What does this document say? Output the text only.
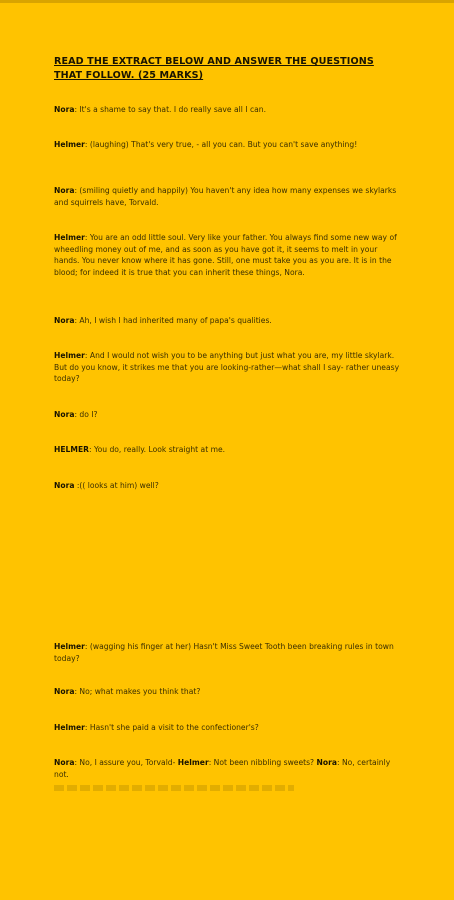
READ THE EXTRACT BELOW AND ANSWER THE QUESTIONS THAT FOLLOW. (25 MARKS)
Nora: It's a shame to say that. I do really save all I can.
Helmer: (laughing) That's very true, - all you can. But you can't save anything!
Nora: (smiling quietly and happily) You haven't any idea how many expenses we skylarks and squirrels have, Torvald.
Helmer: You are an odd little soul. Very like your father. You always find some new way of wheedling money out of me, and as soon as you have got it, it seems to melt in your hands. You never know where it has gone. Still, one must take you as you are. It is in the blood; for indeed it is true that you can inherit these things, Nora.
Nora: Ah, I wish I had inherited many of papa's qualities.
Helmer: And I would not wish you to be anything but just what you are, my little skylark. But do you know, it strikes me that you are looking-rather—what shall I say- rather uneasy today?
Nora: do I?
HELMER: You do, really. Look straight at me.
Nora :(( looks at him) well?
Helmer: (wagging his finger at her) Hasn't Miss Sweet Tooth been breaking rules in town today?
Nora: No; what makes you think that?
Helmer: Hasn't she paid a visit to the confectioner's?
Nora: No, I assure you, Torvald- Helmer: Not been nibbling sweets? Nora: No, certainly not.
